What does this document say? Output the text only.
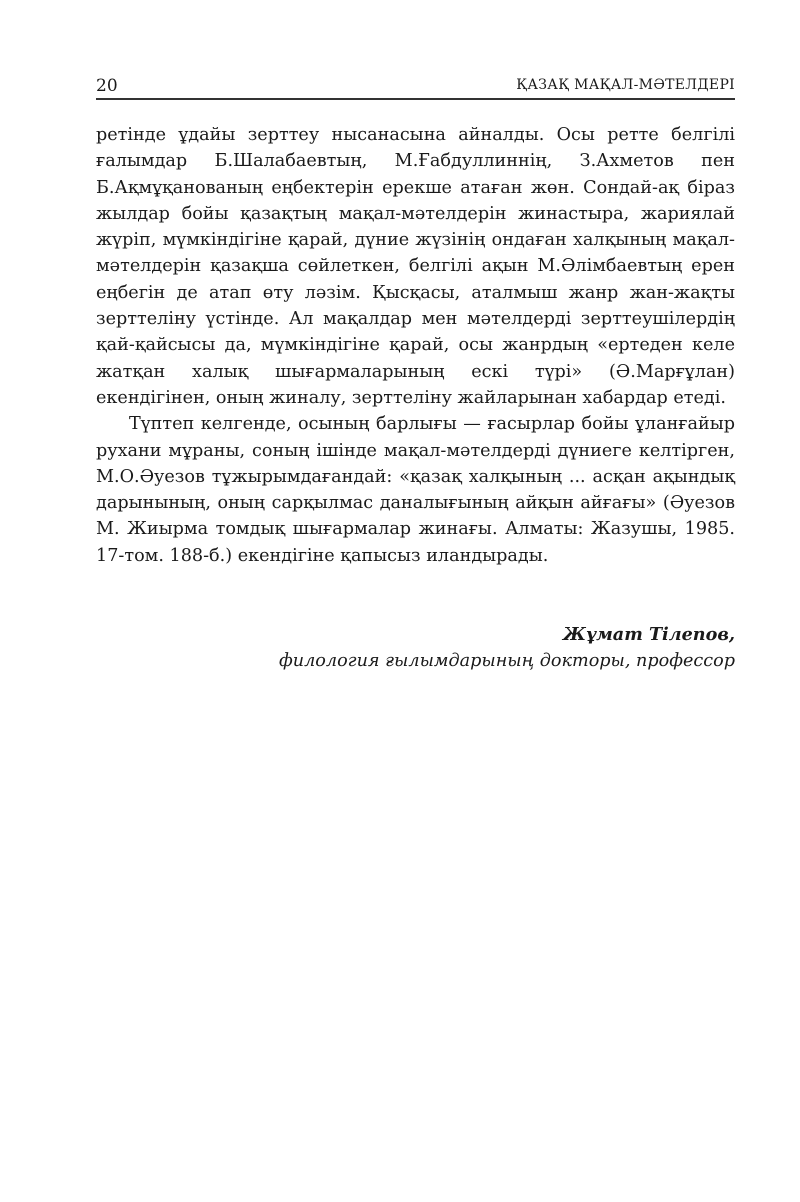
20	ҚАЗАҚ МАҚАЛ-МӘТЕЛДЕРІ

ретінде ұдайы зерттеу нысанасына айналды. Осы ретте белгілі ғалымдар Б.Шалабаевтың, М.Ғабдуллиннің, З.Ахметов пен Б.Ақмұқанованың еңбектерін ерекше атаған жөн. Сондай-ақ біраз жылдар бойы қазақтың мақал-мәтелдерін жинастыра, жариялай жүріп, мүмкіндігіне қарай, дүние жүзінің ондаған халқының мақал-мәтелдерін қазақша сөйлеткен, белгілі ақын М.Әлімбаевтың ерен еңбегін де атап өту ләзім. Қысқасы, аталмыш жанр жан-жақты зерттеліну үстінде. Ал мақалдар мен мәтелдерді зерттеушілердің қай-қайсысы да, мүмкіндігіне қарай, осы жанрдың «ертеден келе жатқан халық шығармаларының ескі түрі» (Ә.Марғұлан) екендігінен, оның жиналу, зерттеліну жайларынан хабардар етеді.

Түптеп келгенде, осының барлығы — ғасырлар бойы ұланғайыр рухани мұраны, соның ішінде мақал-мәтелдерді дүниеге келтірген, М.О.Әуезов тұжырымдағандай: «қазақ халқының ... асқан ақындық дарынының, оның сарқылмас даналығының айқын айғағы» (Әуезов М. Жиырма томдық шығармалар жинағы. Алматы: Жазушы, 1985. 17-том. 188-б.) екендігіне қапысыз иландырады.

Жұмат Тілепов,
филология ғылымдарының докторы, профессор
